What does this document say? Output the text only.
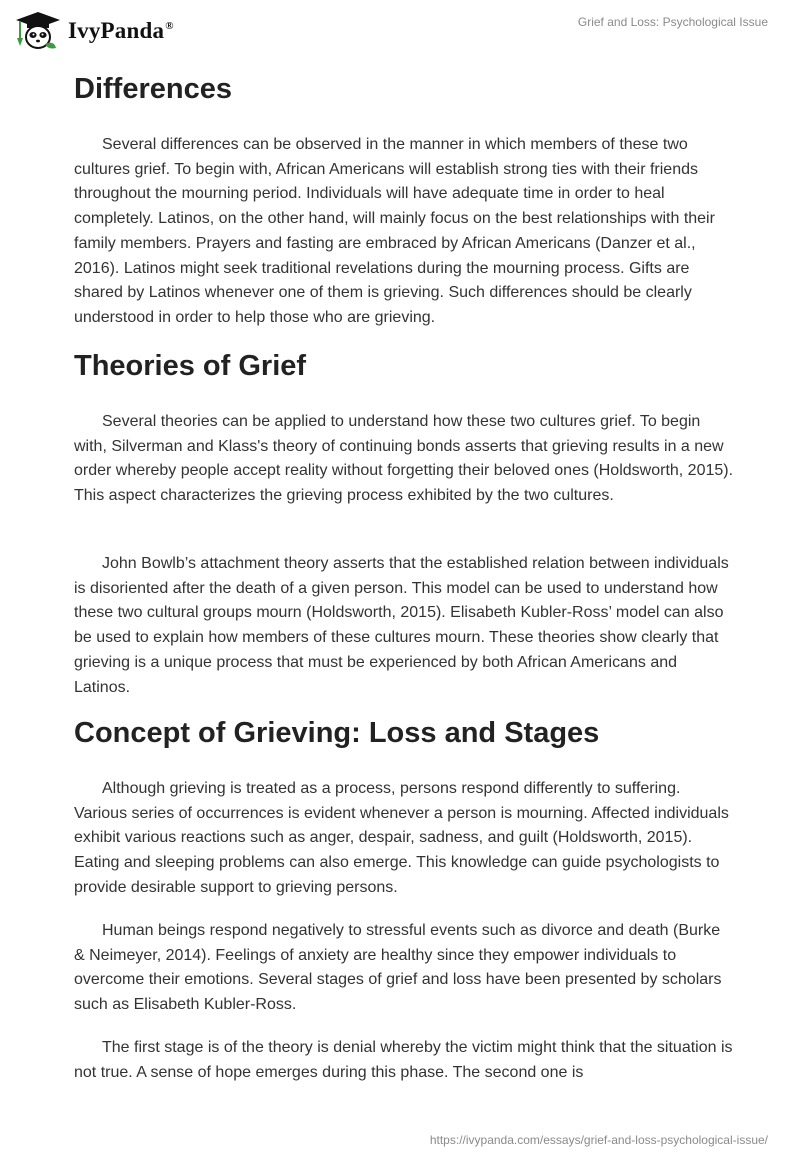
IvyPanda®	Grief and Loss: Psychological Issue
Differences

Several differences can be observed in the manner in which members of these two cultures grief. To begin with, African Americans will establish strong ties with their friends throughout the mourning period. Individuals will have adequate time in order to heal completely. Latinos, on the other hand, will mainly focus on the best relationships with their family members. Prayers and fasting are embraced by African Americans (Danzer et al., 2016). Latinos might seek traditional revelations during the mourning process. Gifts are shared by Latinos whenever one of them is grieving. Such differences should be clearly understood in order to help those who are grieving.

Theories of Grief

Several theories can be applied to understand how these two cultures grief. To begin with, Silverman and Klass's theory of continuing bonds asserts that grieving results in a new order whereby people accept reality without forgetting their beloved ones (Holdsworth, 2015). This aspect characterizes the grieving process exhibited by the two cultures.

John Bowlb’s attachment theory asserts that the established relation between individuals is disoriented after the death of a given person. This model can be used to understand how these two cultural groups mourn (Holdsworth, 2015). Elisabeth Kubler-Ross’ model can also be used to explain how members of these cultures mourn. These theories show clearly that grieving is a unique process that must be experienced by both African Americans and Latinos.

Concept of Grieving: Loss and Stages

Although grieving is treated as a process, persons respond differently to suffering. Various series of occurrences is evident whenever a person is mourning. Affected individuals exhibit various reactions such as anger, despair, sadness, and guilt (Holdsworth, 2015). Eating and sleeping problems can also emerge. This knowledge can guide psychologists to provide desirable support to grieving persons.

Human beings respond negatively to stressful events such as divorce and death (Burke & Neimeyer, 2014). Feelings of anxiety are healthy since they empower individuals to overcome their emotions. Several stages of grief and loss have been presented by scholars such as Elisabeth Kubler-Ross.

The first stage is of the theory is denial whereby the victim might think that the situation is not true. A sense of hope emerges during this phase. The second one is

https://ivypanda.com/essays/grief-and-loss-psychological-issue/
